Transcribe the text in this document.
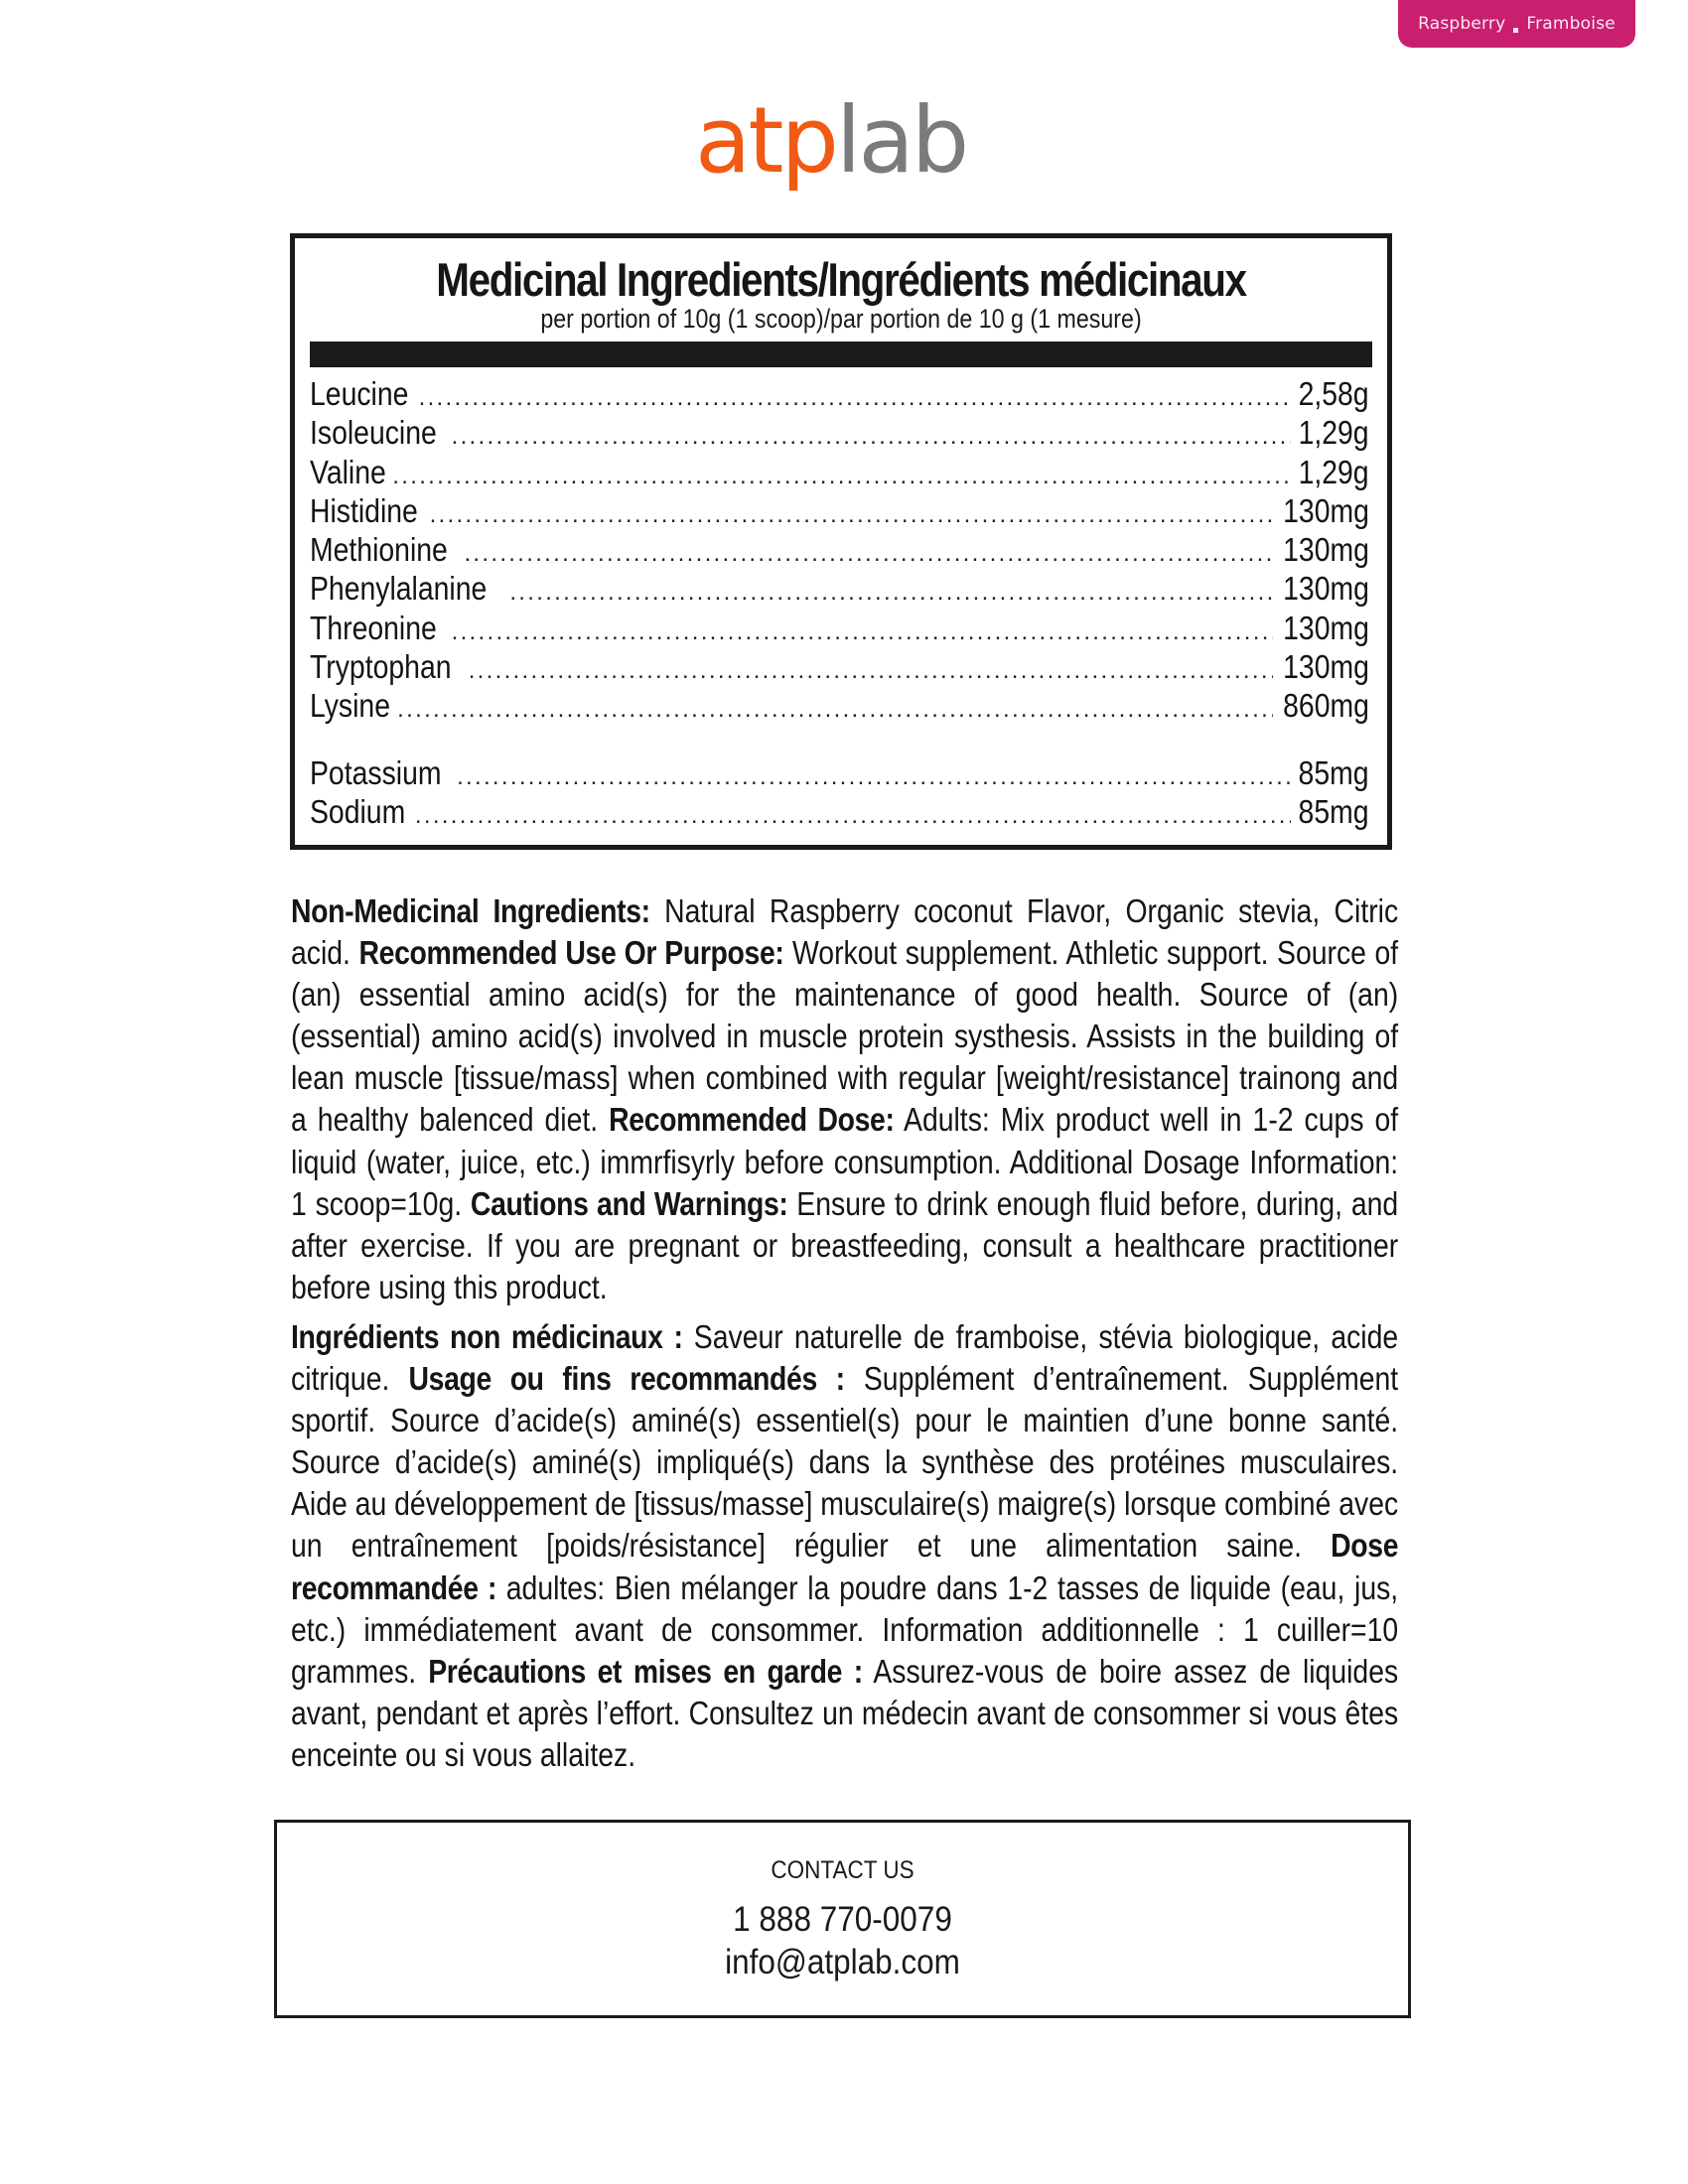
Raspberry Framboise
atplab
Medicinal Ingredients/Ingrédients médicinaux
per portion of 10g (1 scoop)/par portion de 10 g (1 mesure)
Leucine .....	2,58g
Isoleucine .....	1,29g
Valine .....	1,29g
Histidine .....	130mg
Methionine .....	130mg
Phenylalanine .....	130mg
Threonine .....	130mg
Tryptophan .....	130mg
Lysine .....	860mg
Potassium .....	85mg
Sodium .....	85mg
Non-Medicinal Ingredients: Natural Raspberry coconut Flavor, Organic stevia, Citric acid. Recommended Use Or Purpose: Workout supplement. Athletic support. Source of (an) essential amino acid(s) for the maintenance of good health. Source of (an) (essential) amino acid(s) involved in muscle protein systhesis. Assists in the building of lean muscle [tissue/mass] when combined with regular [weight/resistance] trainong and a healthy balenced diet. Recommended Dose: Adults: Mix product well in 1-2 cups of liquid (water, juice, etc.) immrfisyrly before consumption. Additional Dosage Information: 1 scoop=10g. Cautions and Warnings: Ensure to drink enough fluid before, during, and after exercise. If you are pregnant or breastfeeding, consult a healthcare practitioner before using this product.
Ingrédients non médicinaux : Saveur naturelle de framboise, stévia biologique, acide citrique. Usage ou fins recommandés : Supplément d’entraînement. Supplément sportif. Source d’acide(s) aminé(s) essentiel(s) pour le maintien d’une bonne santé. Source d’acide(s) aminé(s) impliqué(s) dans la synthèse des protéines musculaires. Aide au développement de [tissus/masse] musculaire(s) maigre(s) lorsque combiné avec un entraînement [poids/résistance] régulier et une alimentation saine. Dose recommandée : adultes: Bien mélanger la poudre dans 1-2 tasses de liquide (eau, jus, etc.) immédiatement avant de consommer. Information additionnelle : 1 cuiller=10 grammes. Précautions et mises en garde : Assurez-vous de boire assez de liquides avant, pendant et après l’effort. Consultez un médecin avant de consommer si vous êtes enceinte ou si vous allaitez.
CONTACT US
1 888 770-0079
info@atplab.com
